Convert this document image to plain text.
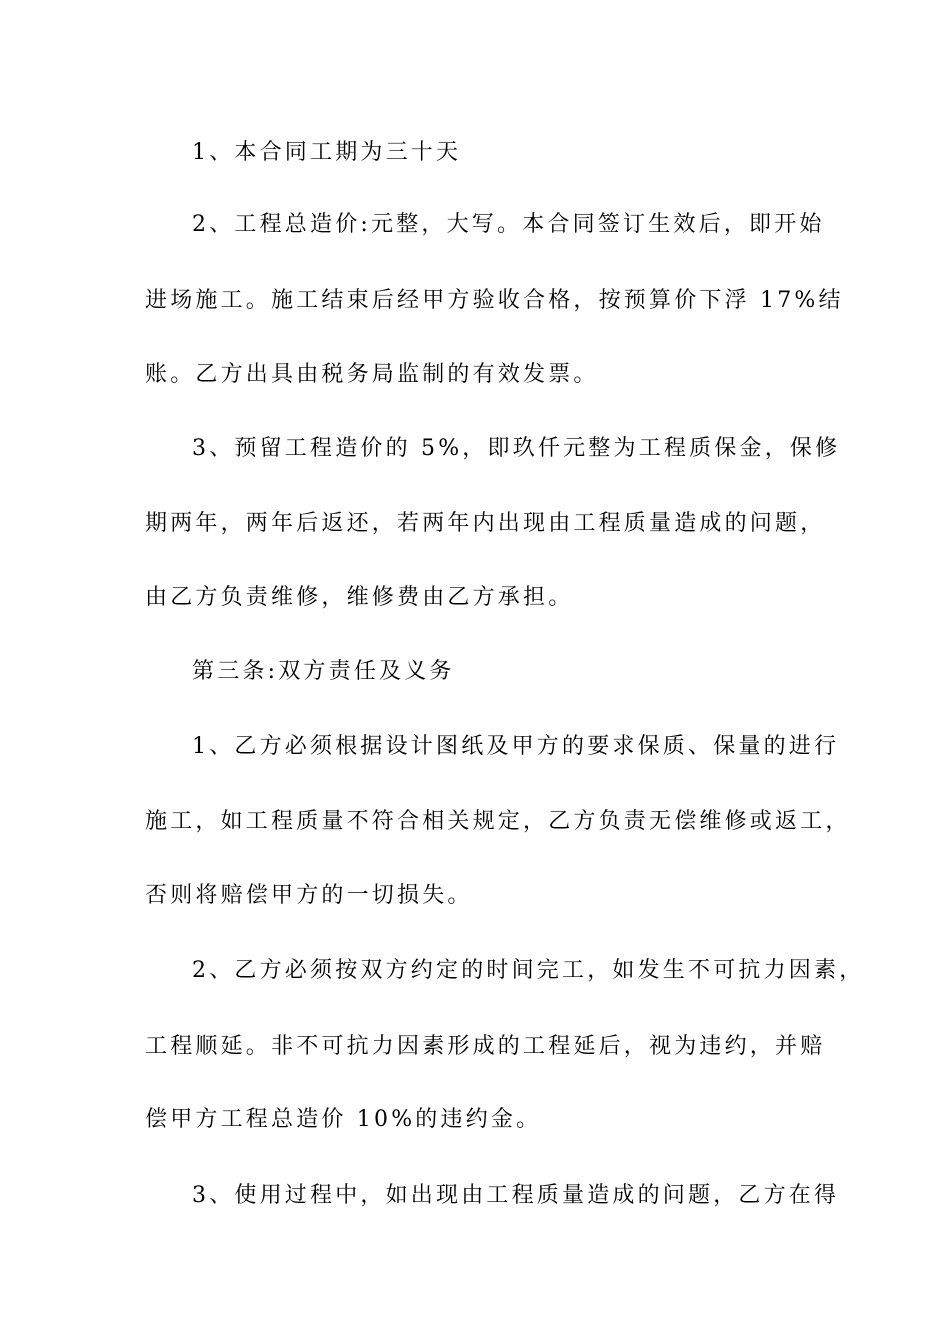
1、本合同工期为三十天
2、工程总造价:元整，大写。本合同签订生效后，即开始
进场施工。施工结束后经甲方验收合格，按预算价下浮 17%结
账。乙方出具由税务局监制的有效发票。
3、预留工程造价的 5%，即玖仟元整为工程质保金，保修
期两年，两年后返还，若两年内出现由工程质量造成的问题，
由乙方负责维修，维修费由乙方承担。
第三条:双方责任及义务
1、乙方必须根据设计图纸及甲方的要求保质、保量的进行
施工，如工程质量不符合相关规定，乙方负责无偿维修或返工，
否则将赔偿甲方的一切损失。
2、乙方必须按双方约定的时间完工，如发生不可抗力因素，
工程顺延。非不可抗力因素形成的工程延后，视为违约，并赔
偿甲方工程总造价 10%的违约金。
3、使用过程中，如出现由工程质量造成的问题，乙方在得
